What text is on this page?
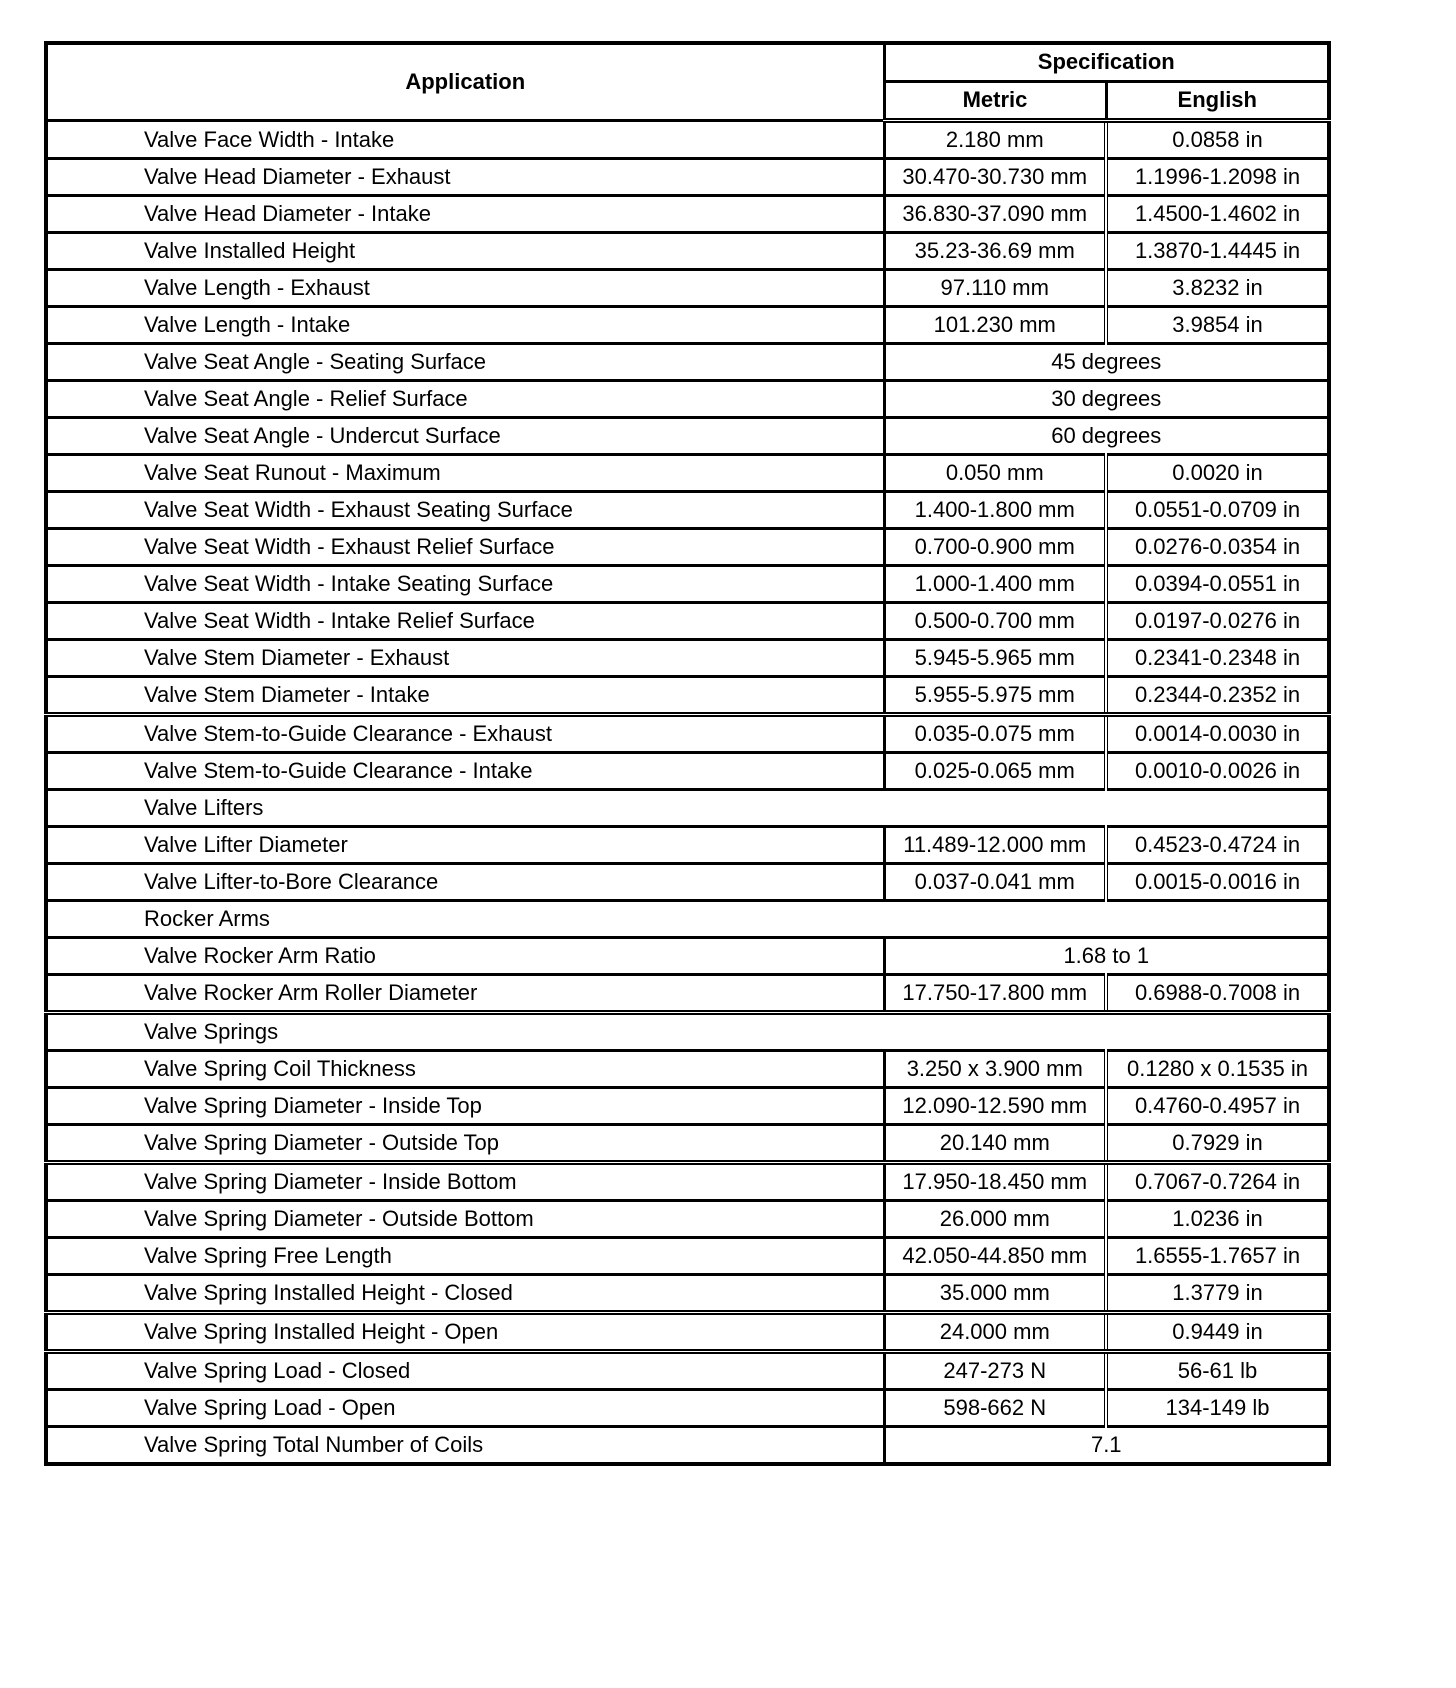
Application	Specification	
	Metric	English
Valve Face Width - Intake	2.180 mm	0.0858 in
Valve Head Diameter - Exhaust	30.470-30.730 mm	1.1996-1.2098 in
Valve Head Diameter - Intake	36.830-37.090 mm	1.4500-1.4602 in
Valve Installed Height	35.23-36.69 mm	1.3870-1.4445 in
Valve Length - Exhaust	97.110 mm	3.8232 in
Valve Length - Intake	101.230 mm	3.9854 in
Valve Seat Angle - Seating Surface	45 degrees	
Valve Seat Angle - Relief Surface	30 degrees	
Valve Seat Angle - Undercut Surface	60 degrees	
Valve Seat Runout - Maximum	0.050 mm	0.0020 in
Valve Seat Width - Exhaust Seating Surface	1.400-1.800 mm	0.0551-0.0709 in
Valve Seat Width - Exhaust Relief Surface	0.700-0.900 mm	0.0276-0.0354 in
Valve Seat Width - Intake Seating Surface	1.000-1.400 mm	0.0394-0.0551 in
Valve Seat Width - Intake Relief Surface	0.500-0.700 mm	0.0197-0.0276 in
Valve Stem Diameter - Exhaust	5.945-5.965 mm	0.2341-0.2348 in
Valve Stem Diameter - Intake	5.955-5.975 mm	0.2344-0.2352 in
Valve Stem-to-Guide Clearance - Exhaust	0.035-0.075 mm	0.0014-0.0030 in
Valve Stem-to-Guide Clearance - Intake	0.025-0.065 mm	0.0010-0.0026 in
Valve Lifters		
Valve Lifter Diameter	11.489-12.000 mm	0.4523-0.4724 in
Valve Lifter-to-Bore Clearance	0.037-0.041 mm	0.0015-0.0016 in
Rocker Arms		
Valve Rocker Arm Ratio	1.68 to 1	
Valve Rocker Arm Roller Diameter	17.750-17.800 mm	0.6988-0.7008 in
Valve Springs		
Valve Spring Coil Thickness	3.250 x 3.900 mm	0.1280 x 0.1535 in
Valve Spring Diameter - Inside Top	12.090-12.590 mm	0.4760-0.4957 in
Valve Spring Diameter - Outside Top	20.140 mm	0.7929 in
Valve Spring Diameter - Inside Bottom	17.950-18.450 mm	0.7067-0.7264 in
Valve Spring Diameter - Outside Bottom	26.000 mm	1.0236 in
Valve Spring Free Length	42.050-44.850 mm	1.6555-1.7657 in
Valve Spring Installed Height - Closed	35.000 mm	1.3779 in
Valve Spring Installed Height - Open	24.000 mm	0.9449 in
Valve Spring Load - Closed	247-273 N	56-61 lb
Valve Spring Load - Open	598-662 N	134-149 lb
Valve Spring Total Number of Coils	7.1	
